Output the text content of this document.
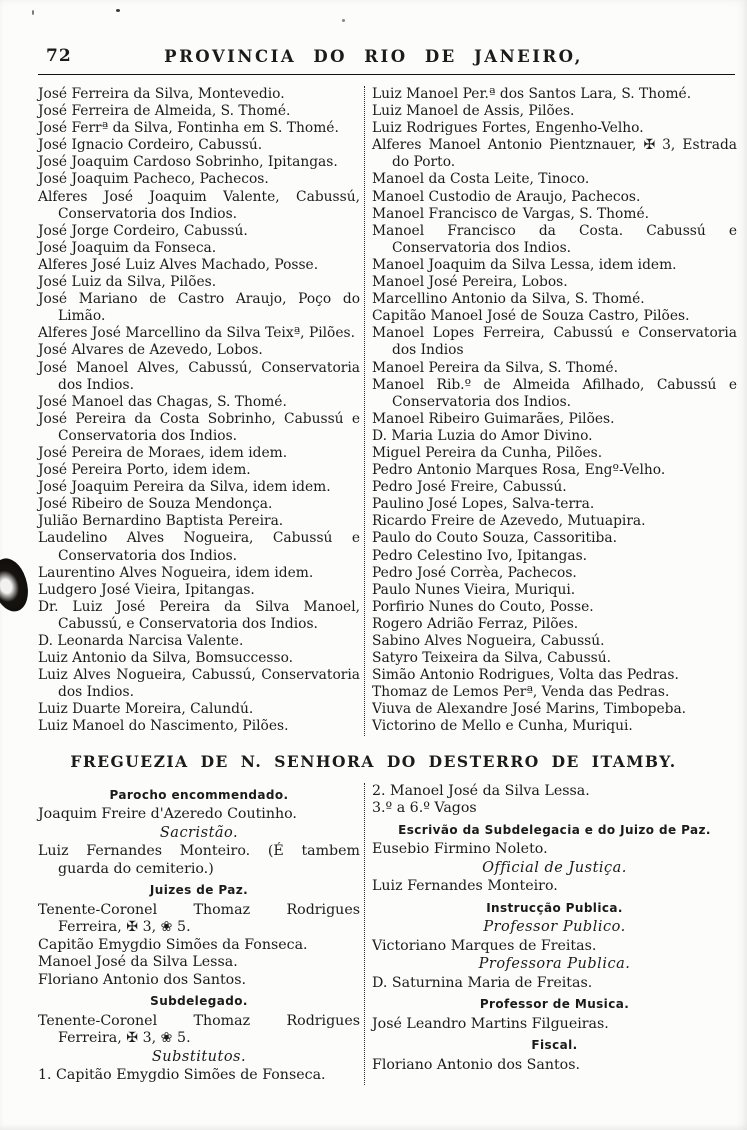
72	PROVINCIA DO RIO DE JANEIRO,
José Ferreira da Silva, Montevedio.
José Ferreira de Almeida, S. Thomé.
José Ferrª da Silva, Fontinha em S. Thomé.
José Ignacio Cordeiro, Cabussú.
José Joaquim Cardoso Sobrinho, Ipitangas.
José Joaquim Pacheco, Pachecos.
Alferes José Joaquim Valente, Cabussú, Conservatoria dos Indios.
José Jorge Cordeiro, Cabussú.
José Joaquim da Fonseca.
Alferes José Luiz Alves Machado, Posse.
José Luiz da Silva, Pilões.
José Mariano de Castro Araujo, Poço do Limão.
Alferes José Marcellino da Silva Teixª, Pilões.
José Alvares de Azevedo, Lobos.
José Manoel Alves, Cabussú, Conservatoria dos Indios.
José Manoel das Chagas, S. Thomé.
José Pereira da Costa Sobrinho, Cabussú e Conservatoria dos Indios.
José Pereira de Moraes, idem idem.
José Pereira Porto, idem idem.
José Joaquim Pereira da Silva, idem idem.
José Ribeiro de Souza Mendonça.
Julião Bernardino Baptista Pereira.
Laudelino Alves Nogueira, Cabussú e Conservatoria dos Indios.
Laurentino Alves Nogueira, idem idem.
Ludgero José Vieira, Ipitangas.
Dr. Luiz José Pereira da Silva Manoel, Cabussú, e Conservatoria dos Indios.
D. Leonarda Narcisa Valente.
Luiz Antonio da Silva, Bomsuccesso.
Luiz Alves Nogueira, Cabussú, Conservatoria dos Indios.
Luiz Duarte Moreira, Calundú.
Luiz Manoel do Nascimento, Pilões.
Luiz Manoel Per.ª dos Santos Lara, S. Thomé.
Luiz Manoel de Assis, Pilões.
Luiz Rodrigues Fortes, Engenho-Velho.
Alferes Manoel Antonio Pientznauer, ✠ 3, Estrada do Porto.
Manoel da Costa Leite, Tinoco.
Manoel Custodio de Araujo, Pachecos.
Manoel Francisco de Vargas, S. Thomé.
Manoel Francisco da Costa. Cabussú e Conservatoria dos Indios.
Manoel Joaquim da Silva Lessa, idem idem.
Manoel José Pereira, Lobos.
Marcellino Antonio da Silva, S. Thomé.
Capitão Manoel José de Souza Castro, Pilões.
Manoel Lopes Ferreira, Cabussú e Conservatoria dos Indios
Manoel Pereira da Silva, S. Thomé.
Manoel Rib.º de Almeida Afilhado, Cabussú e Conservatoria dos Indios.
Manoel Ribeiro Guimarães, Pilões.
D. Maria Luzia do Amor Divino.
Miguel Pereira da Cunha, Pilões.
Pedro Antonio Marques Rosa, Engº-Velho.
Pedro José Freire, Cabussú.
Paulino José Lopes, Salva-terra.
Ricardo Freire de Azevedo, Mutuapira.
Paulo do Couto Souza, Cassoritiba.
Pedro Celestino Ivo, Ipitangas.
Pedro José Corrèa, Pachecos.
Paulo Nunes Vieira, Muriqui.
Porfirio Nunes do Couto, Posse.
Rogero Adrião Ferraz, Pilões.
Sabino Alves Nogueira, Cabussú.
Satyro Teixeira da Silva, Cabussú.
Simão Antonio Rodrigues, Volta das Pedras.
Thomaz de Lemos Perª, Venda das Pedras.
Viuva de Alexandre José Marins, Timbopeba.
Victorino de Mello e Cunha, Muriqui.
FREGUEZIA DE N. SENHORA DO DESTERRO DE ITAMBY.
Parocho encommendado.
Joaquim Freire d'Azeredo Coutinho.
Sacristão.
Luiz Fernandes Monteiro. (É tambem guarda do cemiterio.)
Juizes de Paz.
Tenente-Coronel Thomaz Rodrigues Ferreira, ✠ 3, ❀ 5.
Capitão Emygdio Simões da Fonseca.
Manoel José da Silva Lessa.
Floriano Antonio dos Santos.
Subdelegado.
Tenente-Coronel Thomaz Rodrigues Ferreira, ✠ 3, ❀ 5.
Substitutos.
1. Capitão Emygdio Simões de Fonseca.
2. Manoel José da Silva Lessa.
3.º a 6.º Vagos
Escrivão da Subdelegacia e do Juizo de Paz.
Eusebio Firmino Noleto.
Official de Justiça.
Luiz Fernandes Monteiro.
Instrucção Publica.
Professor Publico.
Victoriano Marques de Freitas.
Professora Publica.
D. Saturnina Maria de Freitas.
Professor de Musica.
José Leandro Martins Filgueiras.
Fiscal.
Floriano Antonio dos Santos.
